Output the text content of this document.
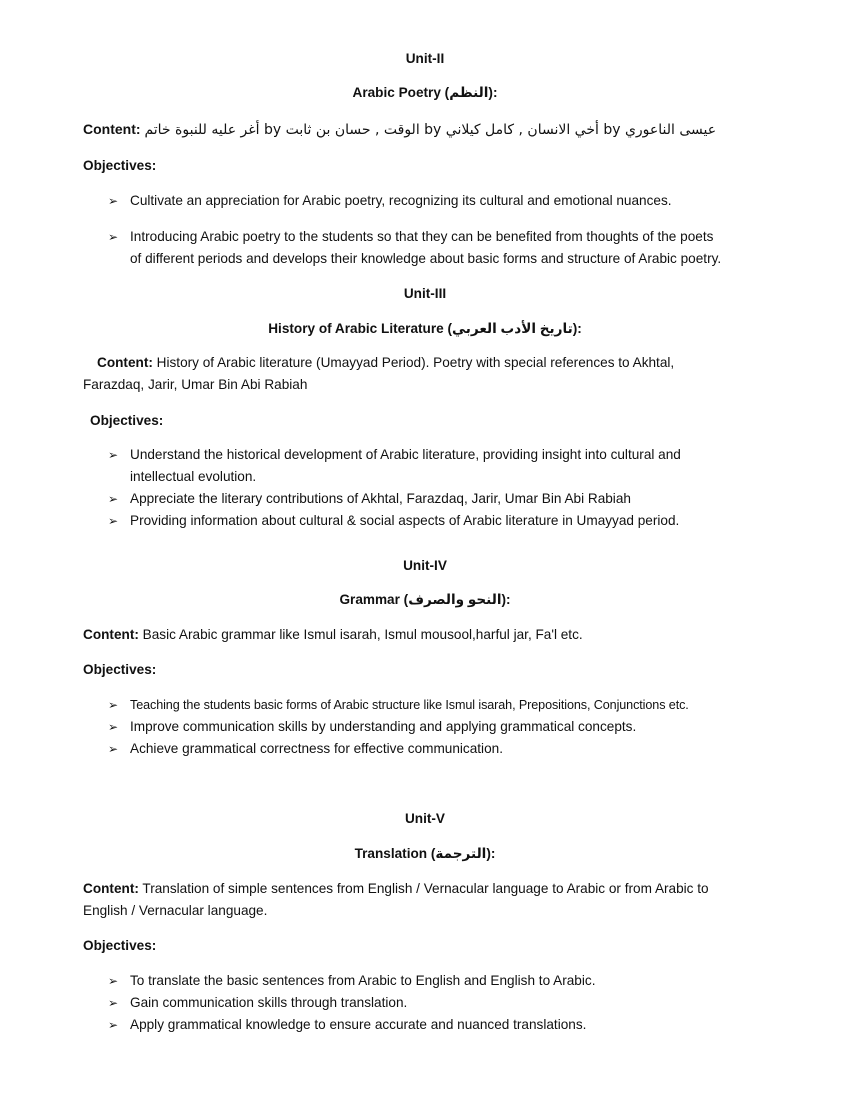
Unit-II
Arabic Poetry (النظم):
Content: عيسى الناعوري by أخي الانسان , كامل كيلاني by الوقت , حسان بن ثابت by أغر عليه للنبوة خاتم
Objectives:
➢ Cultivate an appreciation for Arabic poetry, recognizing its cultural and emotional nuances.
➢ Introducing Arabic poetry to the students so that they can be benefited from thoughts of the poets
of different periods and develops their knowledge about basic forms and structure of Arabic poetry.
Unit-III
History of Arabic Literature (تاريخ الأدب العربي):
Content: History of Arabic literature (Umayyad Period). Poetry with special references to Akhtal,
Farazdaq, Jarir, Umar Bin Abi Rabiah
Objectives:
➢ Understand the historical development of Arabic literature, providing insight into cultural and
intellectual evolution.
➢ Appreciate the literary contributions of Akhtal, Farazdaq, Jarir, Umar Bin Abi Rabiah
➢ Providing information about cultural & social aspects of Arabic literature in Umayyad period.
Unit-IV
Grammar (النحو والصرف):
Content: Basic Arabic grammar like Ismul isarah, Ismul mousool,harful jar, Fa'l etc.
Objectives:
➢ Teaching the students basic forms of Arabic structure like Ismul isarah, Prepositions, Conjunctions etc.
➢ Improve communication skills by understanding and applying grammatical concepts.
➢ Achieve grammatical correctness for effective communication.
Unit-V
Translation (الترجمة):
Content: Translation of simple sentences from English / Vernacular language to Arabic or from Arabic to
English / Vernacular language.
Objectives:
➢ To translate the basic sentences from Arabic to English and English to Arabic.
➢ Gain communication skills through translation.
➢ Apply grammatical knowledge to ensure accurate and nuanced translations.
